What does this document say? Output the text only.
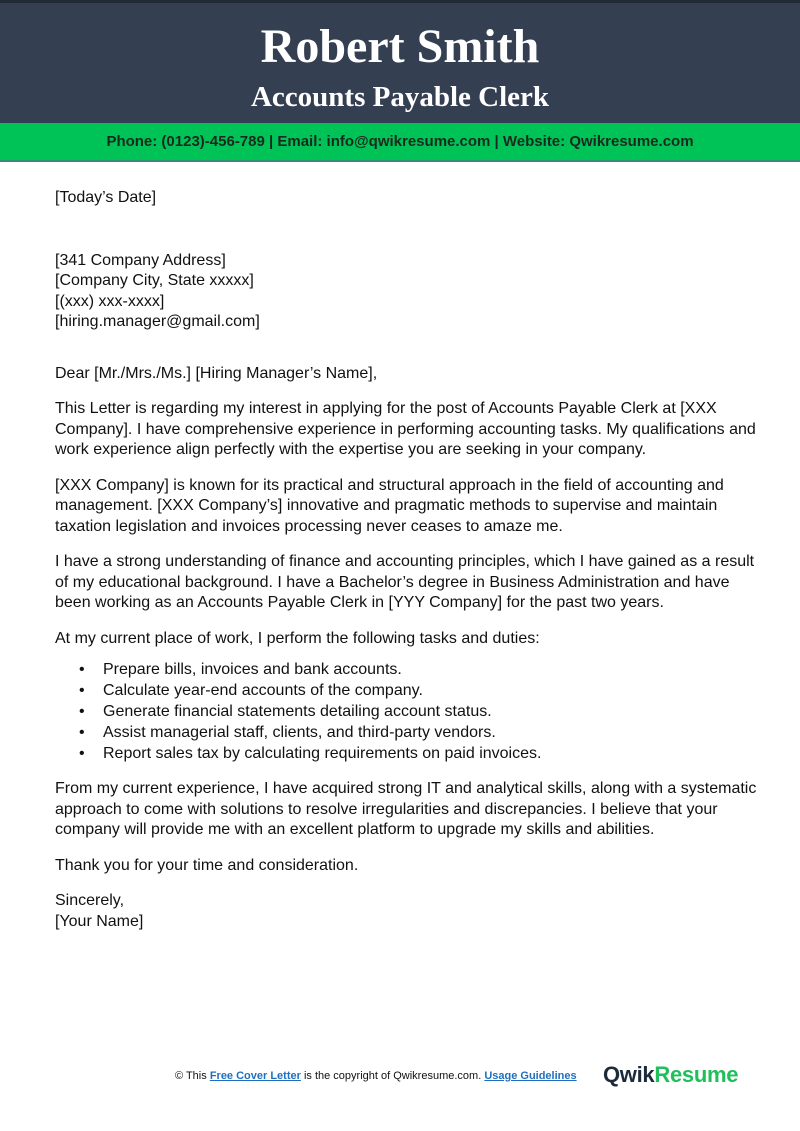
Robert Smith
Accounts Payable Clerk
Phone: (0123)-456-789 | Email: info@qwikresume.com | Website: Qwikresume.com

[Today’s Date]

[341 Company Address]

[Company City, State xxxxx]

[(xxx) xxx-xxxx]

[hiring.manager@gmail.com]

Dear [Mr./Mrs./Ms.] [Hiring Manager’s Name],

This Letter is regarding my interest in applying for the post of Accounts Payable Clerk at [XXX Company]. I have comprehensive experience in performing accounting tasks. My qualifications and work experience align perfectly with the expertise you are seeking in your company.

[XXX Company] is known for its practical and structural approach in the field of accounting and management. [XXX Company’s] innovative and pragmatic methods to supervise and maintain taxation legislation and invoices processing never ceases to amaze me.

I have a strong understanding of finance and accounting principles, which I have gained as a result of my educational background. I have a Bachelor’s degree in Business Administration and have been working as an Accounts Payable Clerk in [YYY Company] for the past two years.

At my current place of work, I perform the following tasks and duties:

• Prepare bills, invoices and bank accounts.
• Calculate year-end accounts of the company.
• Generate financial statements detailing account status.
• Assist managerial staff, clients, and third-party vendors.
• Report sales tax by calculating requirements on paid invoices.

From my current experience, I have acquired strong IT and analytical skills, along with a systematic approach to come with solutions to resolve irregularities and discrepancies. I believe that your company will provide me with an excellent platform to upgrade my skills and abilities.

Thank you for your time and consideration.

Sincerely,

[Your Name]

© This Free Cover Letter is the copyright of Qwikresume.com. Usage Guidelines QwikResume
